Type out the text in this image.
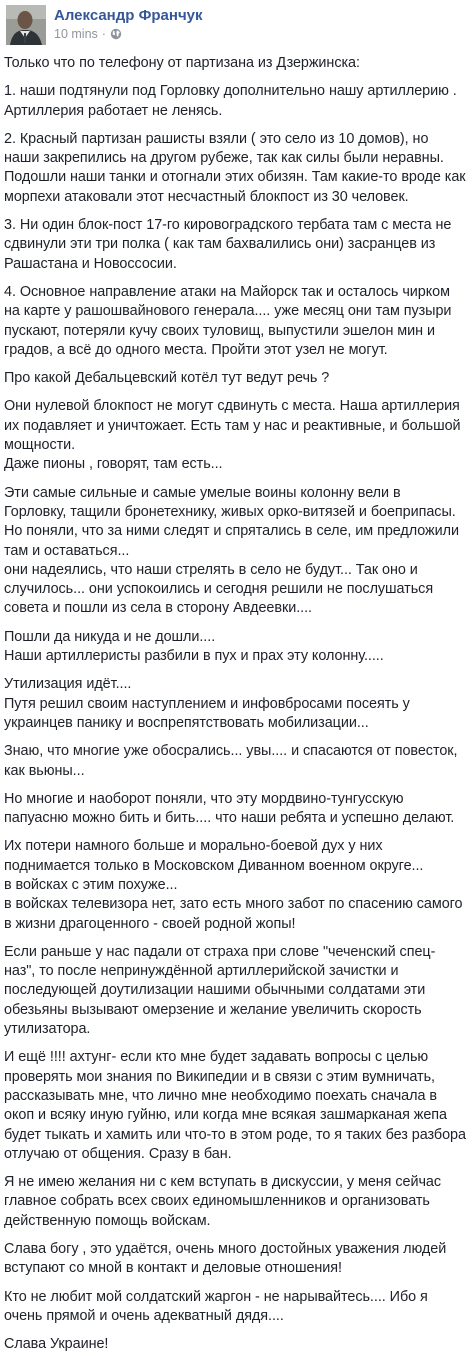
Александр Франчук
10 mins ·

Только что по телефону от партизана из Дзержинска:

1. наши подтянули под Горловку дополнительно нашу артиллерию .
Артиллерия работает не ленясь.

2. Красный партизан рашисты взяли ( это село из 10 домов), но наши закрепились на другом рубеже, так как силы были неравны. Подошли наши танки и отогнали этих обизян. Там какие-то вроде как морпехи атаковали этот несчастный блокпост из 30 человек.

3. Ни один блок-пост 17-го кировоградского тербата там с места не сдвинули эти три полка ( как там бахвалились они) засранцев из Рашастана и Новоссосии.

4. Основное направление атаки на Майорск так и осталось чирком на карте у рашошвайнового генерала.... уже месяц они там пузыри пускают, потеряли кучу своих туловищ, выпустили эшелон мин и градов, а всё до одного места. Пройти этот узел не могут.

Про какой Дебальцевский котёл тут ведут речь ?

Они нулевой блокпост не могут сдвинуть с места. Наша артиллерия их подавляет и уничтожает. Есть там у нас и реактивные, и большой мощности.
Даже пионы , говорят, там есть...

Эти самые сильные и самые умелые воины колонну вели в Горловку, тащили бронетехнику, живых орко-витязей и боеприпасы.
Но поняли, что за ними следят и спрятались в селе, им предложили там и оставаться...
они надеялись, что наши стрелять в село не будут... Так оно и случилось... они успокоились и сегодня решили не послушаться совета и пошли из села в сторону Авдеевки....

Пошли да никуда и не дошли....
Наши артиллеристы разбили в пух и прах эту колонну.....

Утилизация идёт....
Путя решил своим наступлением и инфовбросами посеять у украинцев панику и воспрепятствовать мобилизации...

Знаю, что многие уже обосрались... увы.... и спасаются от повесток, как вьюны...

Но многие и наоборот поняли, что эту мордвино-тунгусскую папуасню можно бить и бить.... что наши ребята и успешно делают.

Их потери намного больше и морально-боевой дух у них поднимается только в Московском Диванном военном округе...
в войсках с этим похуже...
в войсках телевизора нет, зато есть много забот по спасению самого в жизни драгоценного - своей родной жопы!

Если раньше у нас падали от страха при слове "чеченский спец-наз", то после непринуждённой артиллерийской зачистки и последующей доутилизации нашими обычными солдатами эти обезьяны вызывают омерзение и желание увеличить скорость утилизатора.

И ещё !!!! ахтунг- если кто мне будет задавать вопросы с целью проверять мои знания по Википедии и в связи с этим вумничать, рассказывать мне, что лично мне необходимо поехать сначала в окоп и всяку иную гуйню, или когда мне всякая зашмарканая жепа будет тыкать и хамить или что-то в этом роде, то я таких без разбора отлучаю от общения. Сразу в бан.

Я не имею желания ни с кем вступать в дискуссии, у меня сейчас главное собрать всех своих единомышленников и организовать действенную помощь войскам.

Слава богу , это удаётся, очень много достойных уважения людей вступают со мной в контакт и деловые отношения!

Кто не любит мой солдатский жаргон - не нарывайтесь.... Ибо я очень прямой и очень адекватный дядя....

Слава Украине!
